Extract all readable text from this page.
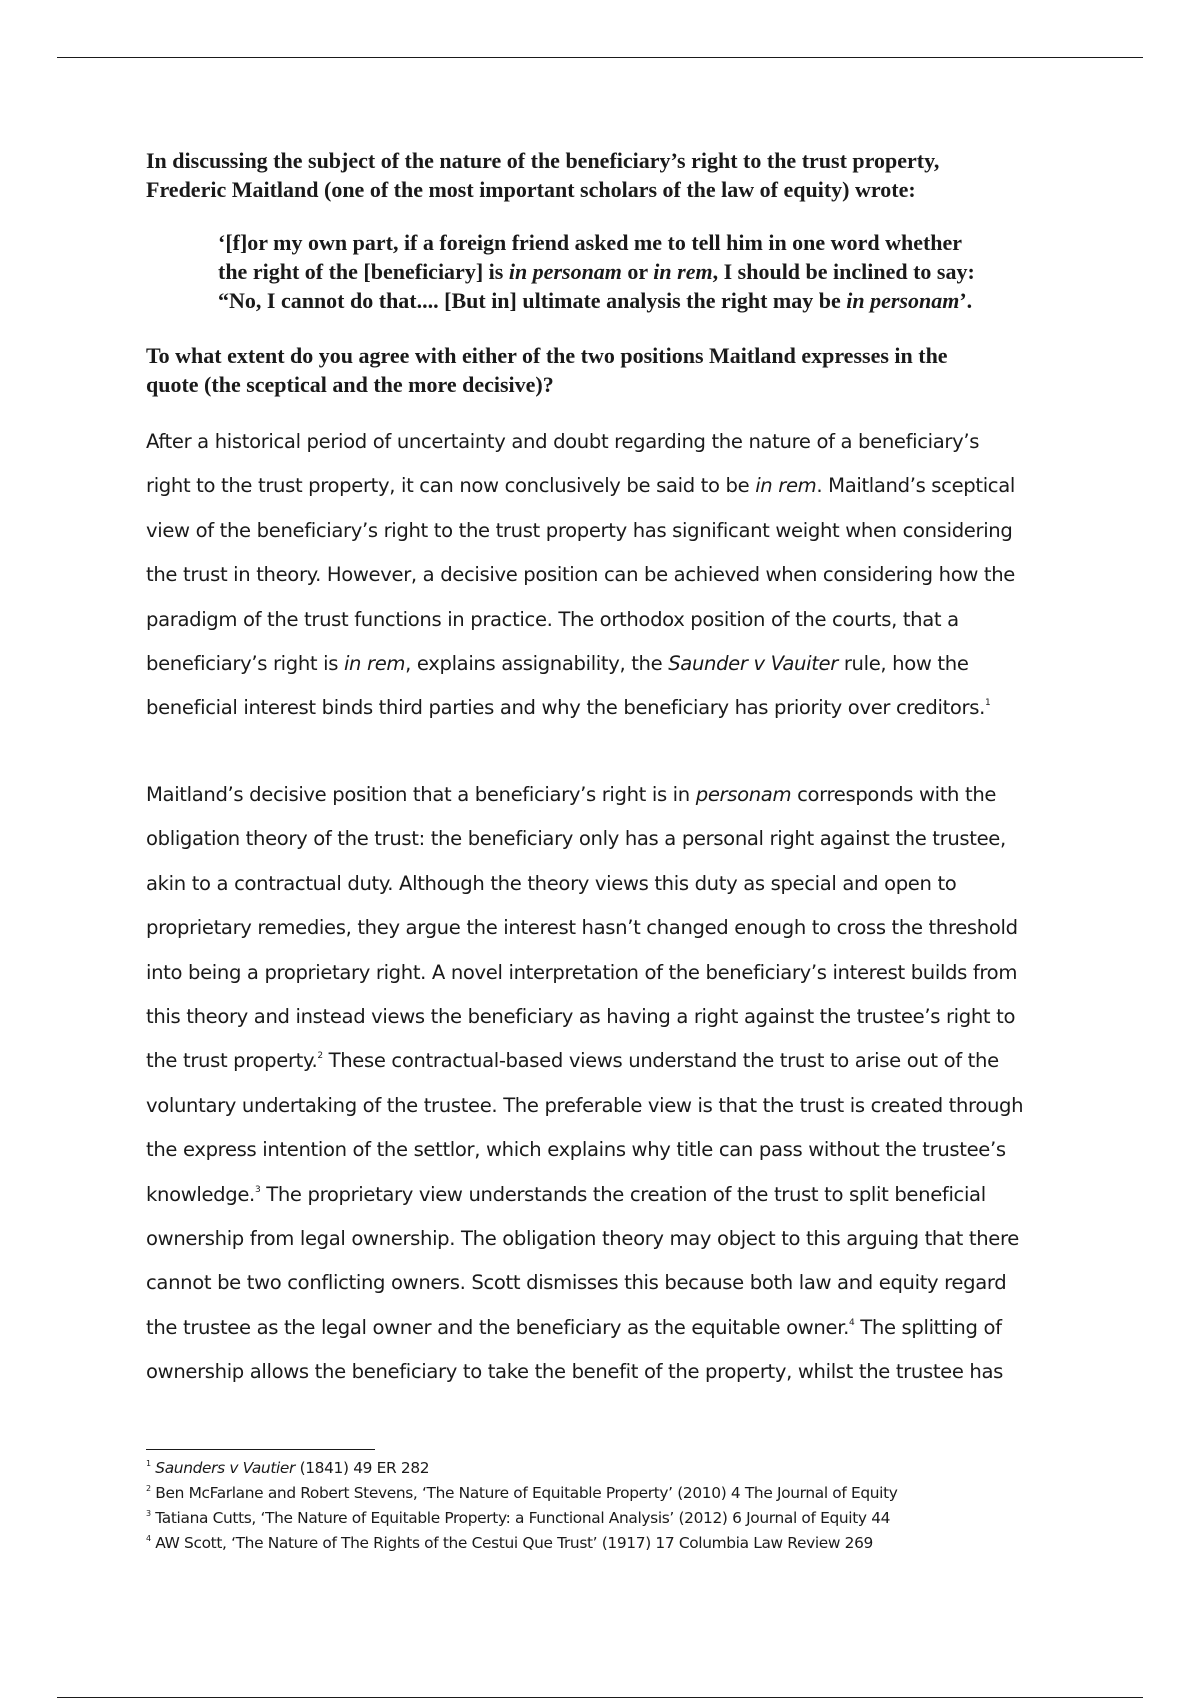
In discussing the subject of the nature of the beneficiary’s right to the trust property,
Frederic Maitland (one of the most important scholars of the law of equity) wrote:

‘[f]or my own part, if a foreign friend asked me to tell him in one word whether
the right of the [beneficiary] is in personam or in rem, I should be inclined to say:
“No, I cannot do that.... [But in] ultimate analysis the right may be in personam’.

To what extent do you agree with either of the two positions Maitland expresses in the
quote (the sceptical and the more decisive)?

After a historical period of uncertainty and doubt regarding the nature of a beneficiary’s
right to the trust property, it can now conclusively be said to be in rem. Maitland’s sceptical
view of the beneficiary’s right to the trust property has significant weight when considering
the trust in theory. However, a decisive position can be achieved when considering how the
paradigm of the trust functions in practice. The orthodox position of the courts, that a
beneficiary’s right is in rem, explains assignability, the Saunder v Vauiter rule, how the
beneficial interest binds third parties and why the beneficiary has priority over creditors.$^1$

Maitland’s decisive position that a beneficiary’s right is in personam corresponds with the
obligation theory of the trust: the beneficiary only has a personal right against the trustee,
akin to a contractual duty. Although the theory views this duty as special and open to
proprietary remedies, they argue the interest hasn’t changed enough to cross the threshold
into being a proprietary right. A novel interpretation of the beneficiary’s interest builds from
this theory and instead views the beneficiary as having a right against the trustee’s right to
the trust property.$^2$ These contractual-based views understand the trust to arise out of the
voluntary undertaking of the trustee. The preferable view is that the trust is created through
the express intention of the settlor, which explains why title can pass without the trustee’s
knowledge.$^3$ The proprietary view understands the creation of the trust to split beneficial
ownership from legal ownership. The obligation theory may object to this arguing that there
cannot be two conflicting owners. Scott dismisses this because both law and equity regard
the trustee as the legal owner and the beneficiary as the equitable owner.$^4$ The splitting of
ownership allows the beneficiary to take the benefit of the property, whilst the trustee has

$^1$ Saunders v Vautier (1841) 49 ER 282
$^2$ Ben McFarlane and Robert Stevens, ‘The Nature of Equitable Property’ (2010) 4 The Journal of Equity
$^3$ Tatiana Cutts, ‘The Nature of Equitable Property: a Functional Analysis’ (2012) 6 Journal of Equity 44
$^4$ AW Scott, ‘The Nature of The Rights of the Cestui Que Trust’ (1917) 17 Columbia Law Review 269
